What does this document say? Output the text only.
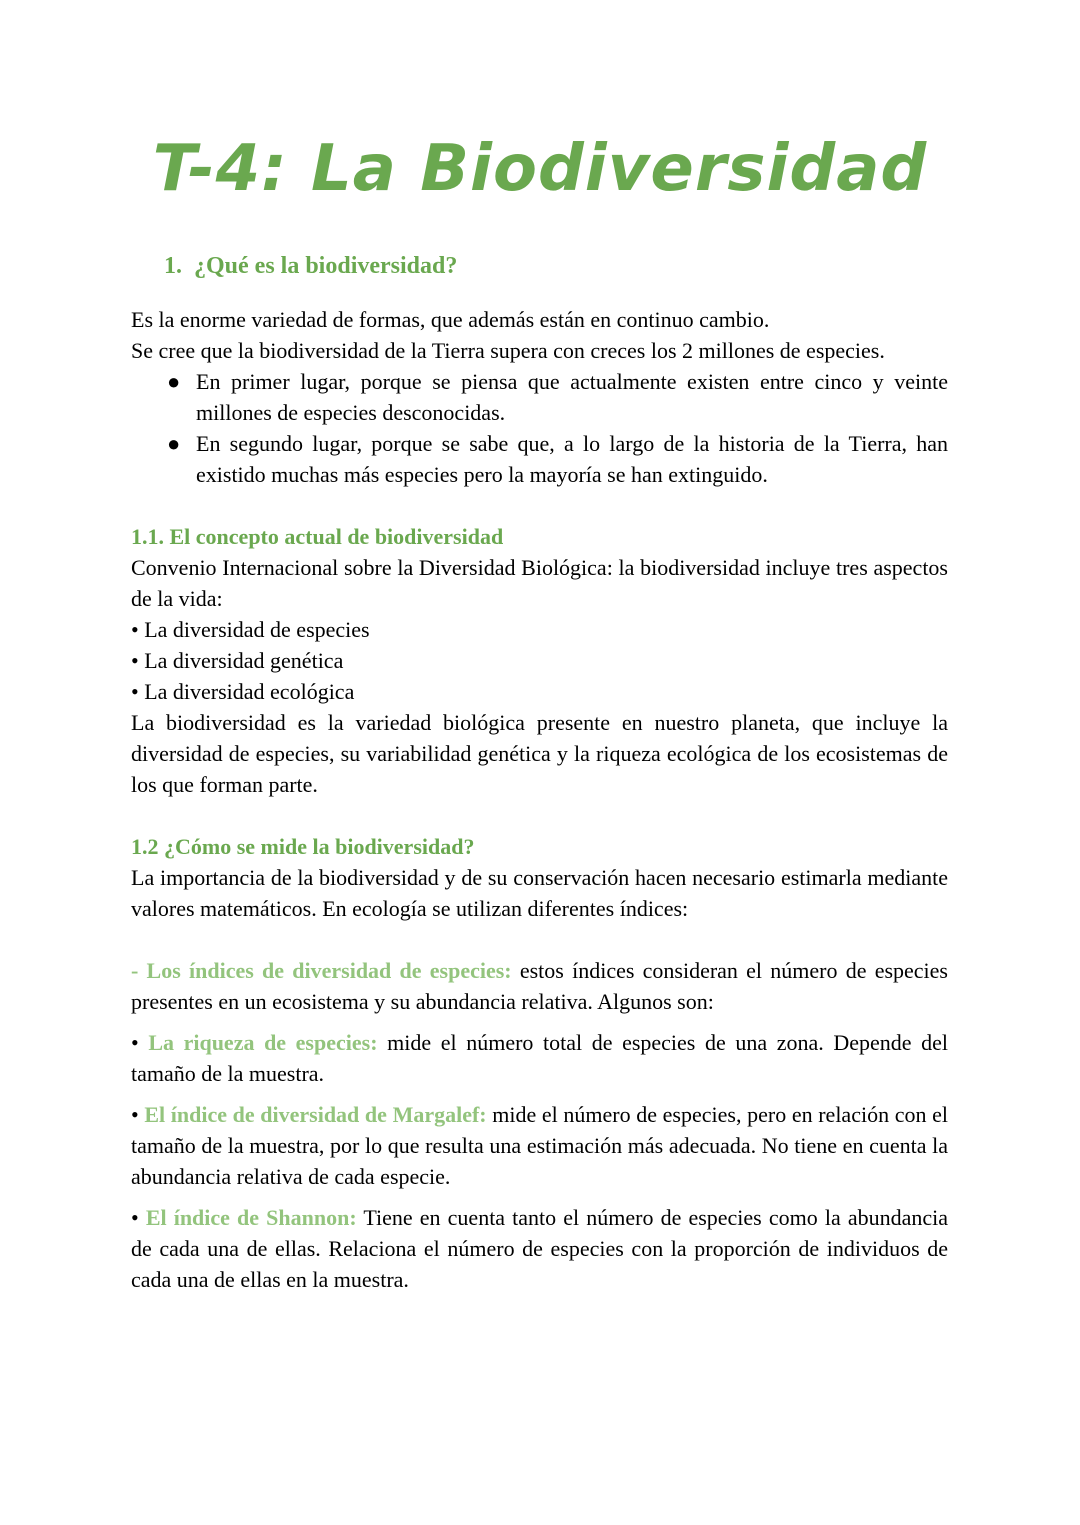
T-4: La Biodiversidad
1. ¿Qué es la biodiversidad?

Es la enorme variedad de formas, que además están en continuo cambio.

Se cree que la biodiversidad de la Tierra supera con creces los 2 millones de especies.

● En primer lugar, porque se piensa que actualmente existen entre cinco y veinte millones de especies desconocidas.
● En segundo lugar, porque se sabe que, a lo largo de la historia de la Tierra, han existido muchas más especies pero la mayoría se han extinguido.

1.1. El concepto actual de biodiversidad

Convenio Internacional sobre la Diversidad Biológica: la biodiversidad incluye tres aspectos de la vida:

• La diversidad de especies

• La diversidad genética

• La diversidad ecológica

La biodiversidad es la variedad biológica presente en nuestro planeta, que incluye la diversidad de especies, su variabilidad genética y la riqueza ecológica de los ecosistemas de los que forman parte.

1.2 ¿Cómo se mide la biodiversidad?

La importancia de la biodiversidad y de su conservación hacen necesario estimarla mediante valores matemáticos. En ecología se utilizan diferentes índices:

- Los índices de diversidad de especies: estos índices consideran el número de especies presentes en un ecosistema y su abundancia relativa. Algunos son:

• La riqueza de especies: mide el número total de especies de una zona. Depende del tamaño de la muestra.

• El índice de diversidad de Margalef: mide el número de especies, pero en relación con el tamaño de la muestra, por lo que resulta una estimación más adecuada. No tiene en cuenta la abundancia relativa de cada especie.

• El índice de Shannon: Tiene en cuenta tanto el número de especies como la abundancia de cada una de ellas. Relaciona el número de especies con la proporción de individuos de cada una de ellas en la muestra.
